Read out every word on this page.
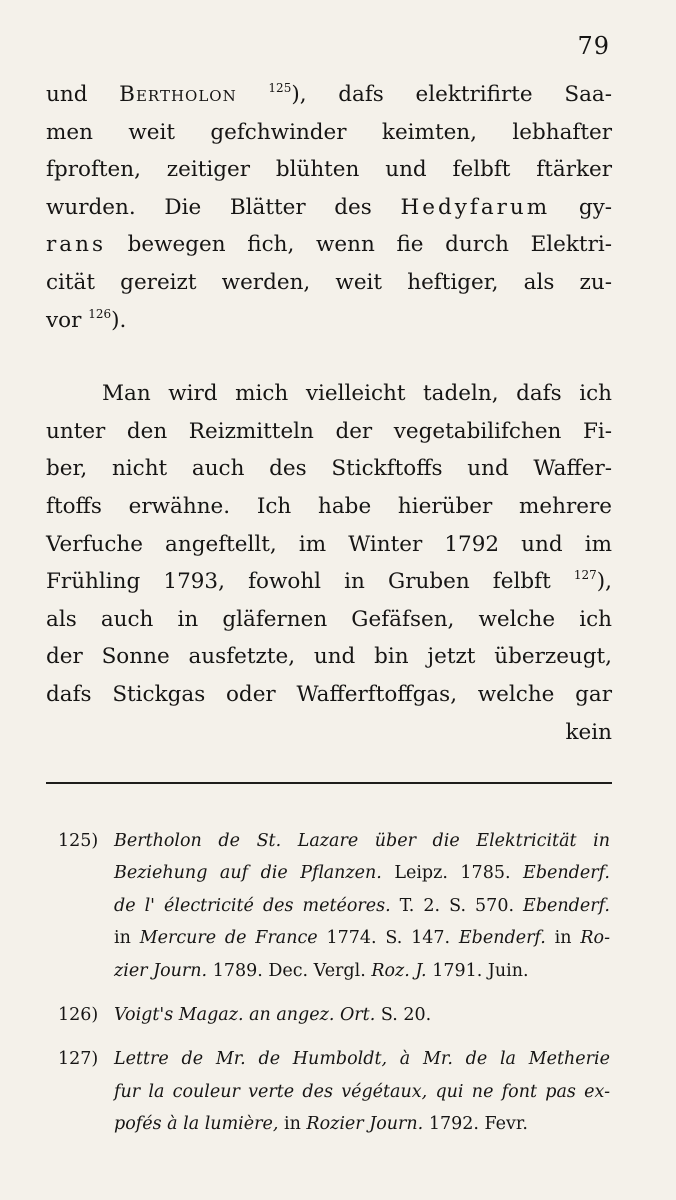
79
und Bertholon	$^{125}$), dafs elektrifirte Saa-
men weit gefchwinder keimten, lebhafter
fproften, zeitiger blühten und felbft ftärker
wurden. Die Blätter des Hedyfarum gy-
rans bewegen fich, wenn fie durch Elektri-
cität gereizt werden, weit heftiger, als zu-
vor $^{126}$).
Man wird mich vielleicht tadeln, dafs ich
unter den Reizmitteln der vegetabilifchen Fi-
ber, nicht auch des Stickftoffs und Waffer-
ftoffs erwähne. Ich habe hierüber mehrere
Verfuche angeftellt, im Winter 1792 und im
Frühling 1793, fowohl in Gruben felbft $^{127}$),
als auch in gläfernen Gefäfsen, welche ich
der Sonne ausfetzte, und bin jetzt überzeugt,
dafs Stickgas oder Wafferftoffgas, welche gar
kein
125) Bertholon de St. Lazare über die Elektricität in
Beziehung auf die Pflanzen. Leipz. 1785. Ebenderf.
de l' électricité des metéores. T. 2. S. 570. Ebenderf.
in Mercure de France 1774. S. 147. Ebenderf. in Ro-
zier Journ. 1789. Dec. Vergl. Roz. J. 1791. Juin.
126) Voigt's Magaz. an angez. Ort. S. 20.
127) Lettre de Mr. de Humboldt, à Mr. de la Metherie
fur la couleur verte des végétaux, qui ne font pas ex-
pofés à la lumière, in Rozier Journ. 1792. Fevr.
